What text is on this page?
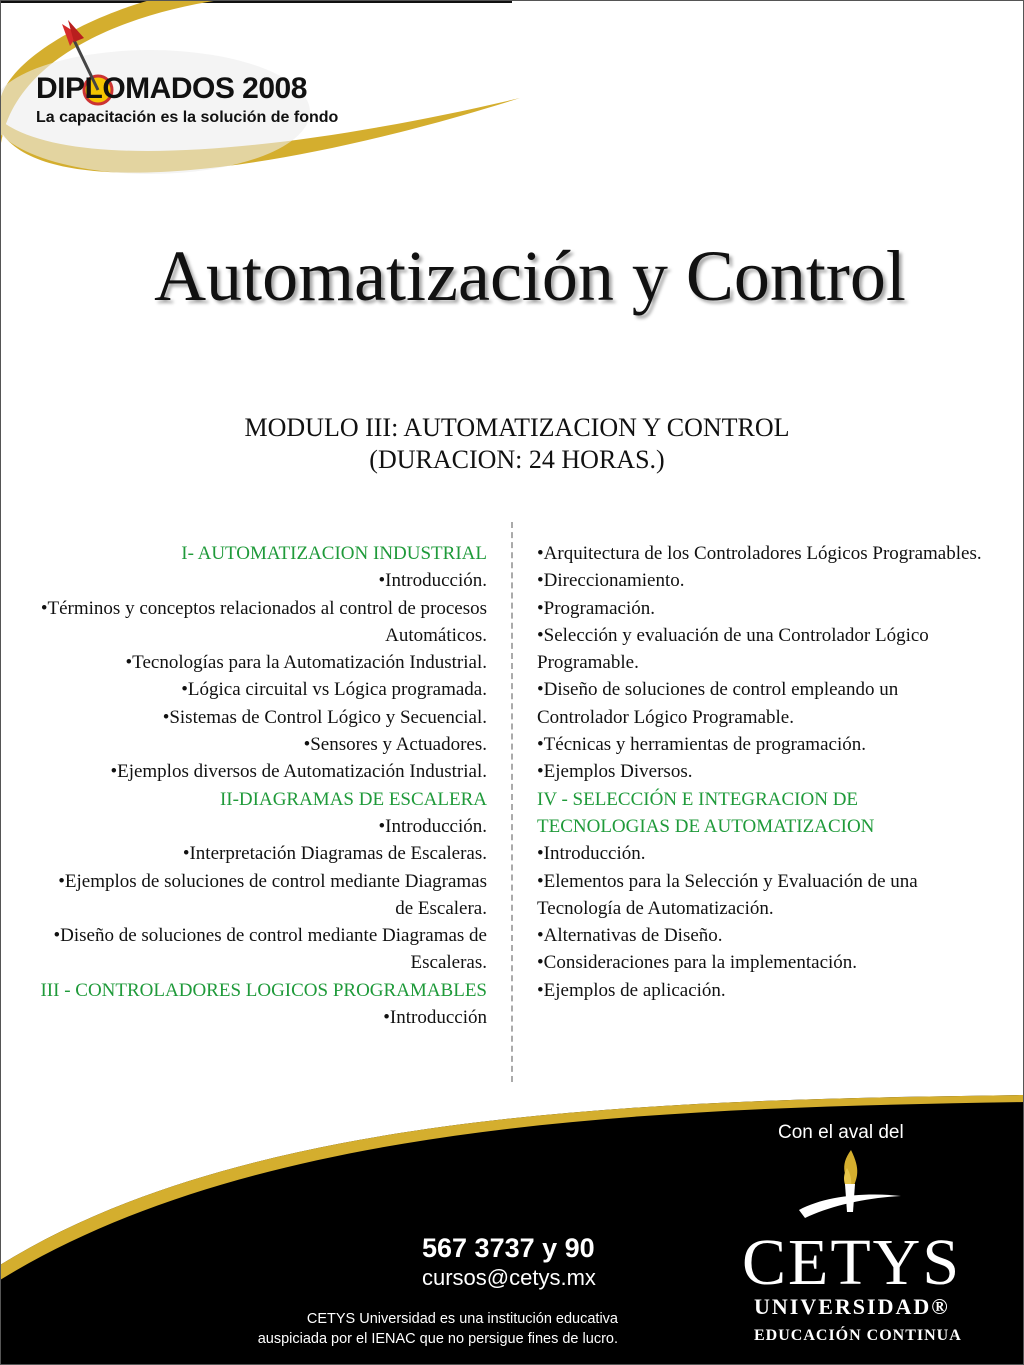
DIPLOMADOS 2008
La capacitación es la solución de fondo
Automatización y Control
MODULO III: AUTOMATIZACION Y CONTROL
(DURACION: 24 HORAS.)

I- AUTOMATIZACION INDUSTRIAL

•Introducción.

•Términos y conceptos relacionados al control de procesos Automáticos.

•Tecnologías para la Automatización Industrial.

•Lógica circuital vs Lógica programada.

•Sistemas de Control Lógico y Secuencial.

•Sensores y Actuadores.

•Ejemplos diversos de Automatización Industrial.

II-DIAGRAMAS DE ESCALERA

•Introducción.

•Interpretación Diagramas de Escaleras.

•Ejemplos de soluciones de control mediante Diagramas de Escalera.

•Diseño de soluciones de control mediante Diagramas de Escaleras.

III - CONTROLADORES LOGICOS PROGRAMABLES

•Introducción

•Arquitectura de los Controladores Lógicos Programables.

•Direccionamiento.

•Programación.

•Selección y evaluación de una Controlador Lógico Programable.

•Diseño de soluciones de control empleando un Controlador Lógico Programable.

•Técnicas y herramientas de programación.

•Ejemplos Diversos.

IV - SELECCIÓN E INTEGRACION DE TECNOLOGIAS DE AUTOMATIZACION

•Introducción.

•Elementos para la Selección y Evaluación de una Tecnología de Automatización.

•Alternativas de Diseño.

•Consideraciones para la implementación.

•Ejemplos de aplicación.

Con el aval del
CETYS
UNIVERSIDAD®
EDUCACIÓN CONTINUA
567 3737 y 90
cursos@cetys.mx
CETYS Universidad es una institución educativa
auspiciada por el IENAC que no persigue fines de lucro.
